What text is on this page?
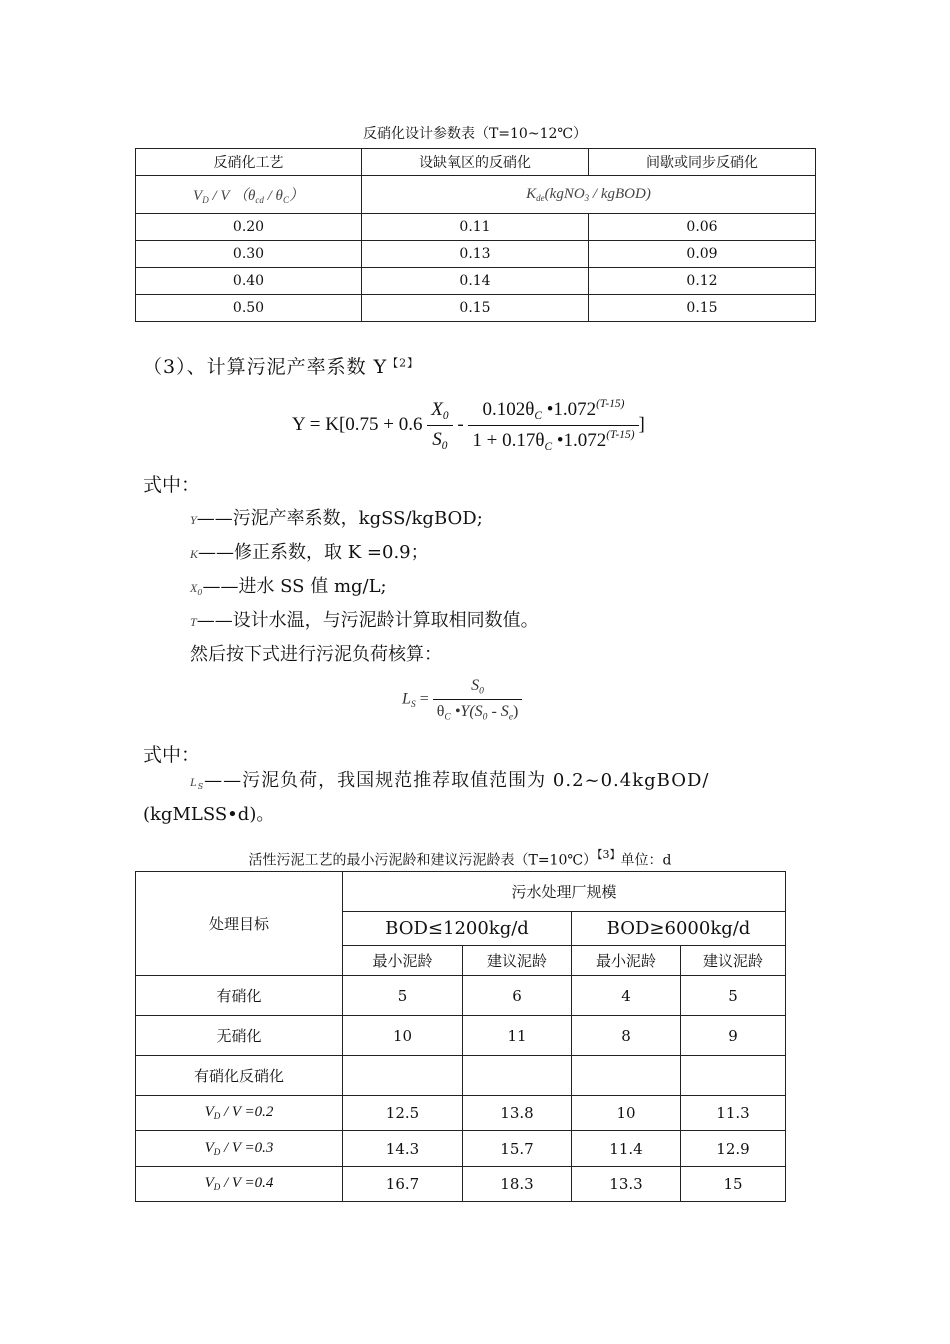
反硝化设计参数表（T=10~12℃）
反硝化工艺	设缺氧区的反硝化	间歇或同步反硝化
$V_D$ / V $(\theta_{cd} / \theta_C)$	$K_{de}(kgNO_3$ / kgBOD)	
0.20	0.11	0.06
0.30	0.13	0.09
0.40	0.14	0.12
0.50	0.15	0.15
（3）、计算污泥产率系数 Y$^{【2】}$
$Y = K[0.75 + 0.6 \frac{X_0}{S_0} - \frac{0.102\theta_C •1.072^{(T-15)}}{1 + 0.17\theta_C •1.072^{(T-15)}}$ ]
式中：
Y——污泥产率系数，kgSS/kgBOD;
K——修正系数，取 K =0.9；
$X_0——$进水 SS 值 mg/L;
T——设计水温，与污泥龄计算取相同数值。
然后按下式进行污泥负荷核算：
$L_S = \frac{S_0}{\theta_C •Y(S_0 - S_e)}$
式中：
$L_S——$污泥负荷，我国规范推荐取值范围为 0.2~0.4kgBOD/
(kgMLSS•d)。
活性污泥工艺的最小污泥龄和建议污泥龄表（T=10℃）$^{【3】}$单位：d
处理目标	污水处理厂规模			
	BOD≤1200kg/d		BOD≥6000kg/d	
	最小泥龄	建议泥龄	最小泥龄	建议泥龄
有硝化	5	6	4	5
无硝化	10	11	8	9
有硝化反硝化				
$V_D / V =0.2$	12.5	13.8	10	11.3
$V_D / V =0.3$	14.3	15.7	11.4	12.9
$V_D / V =0.4$	16.7	18.3	13.3	15
